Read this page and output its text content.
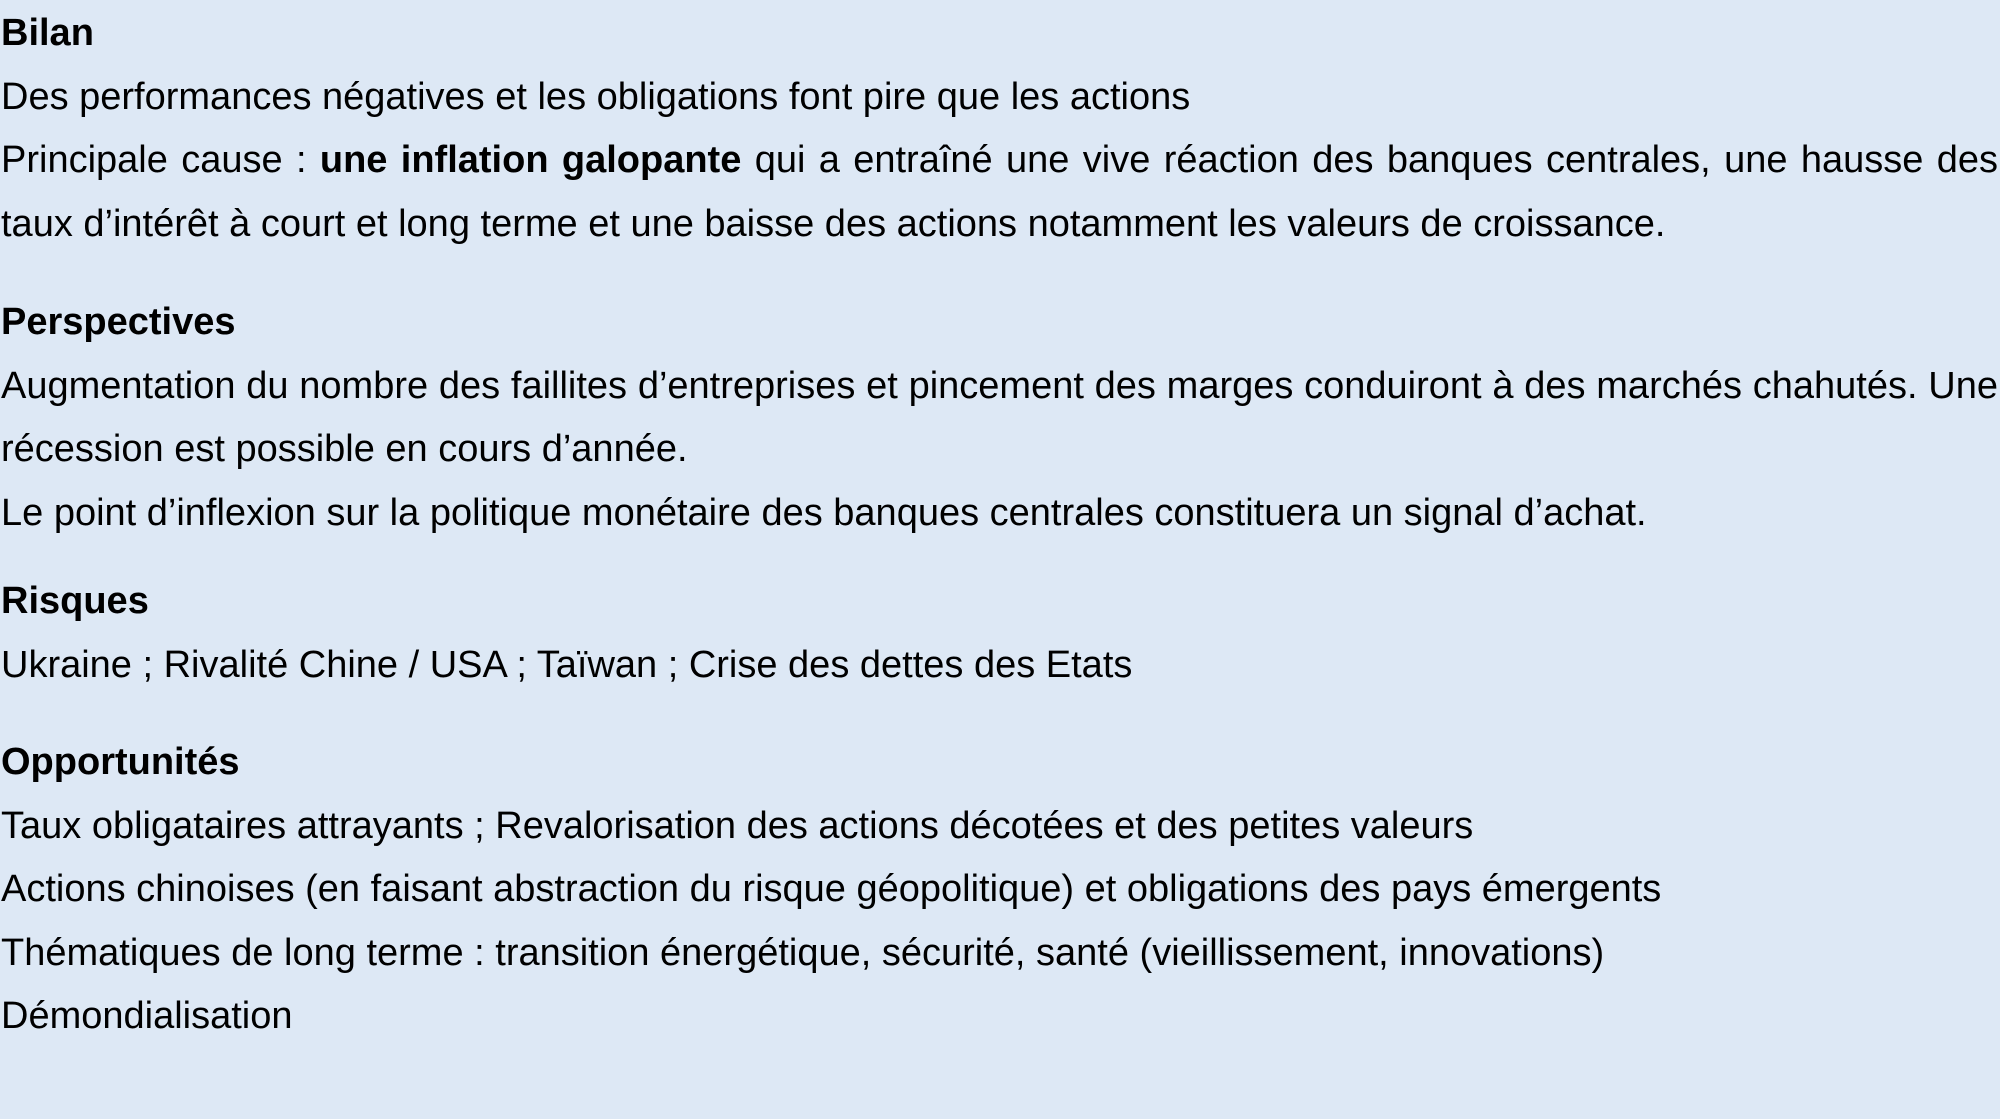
Bilan

Des performances négatives et les obligations font pire que les actions

Principale cause : une inflation galopante qui a entraîné une vive réaction des banques centrales, une hausse des taux d’intérêt à court et long terme et une baisse des actions notamment les valeurs de croissance.

Perspectives

Augmentation du nombre des faillites d’entreprises et pincement des marges conduiront à des marchés chahutés. Une récession est possible en cours d’année.

Le point d’inflexion sur la politique monétaire des banques centrales constituera un signal d’achat.

Risques

Ukraine ; Rivalité Chine / USA ; Taïwan ; Crise des dettes des Etats

Opportunités

Taux obligataires attrayants ; Revalorisation des actions décotées et des petites valeurs

Actions chinoises (en faisant abstraction du risque géopolitique) et obligations des pays émergents

Thématiques de long terme : transition énergétique, sécurité, santé (vieillissement, innovations)

Démondialisation
